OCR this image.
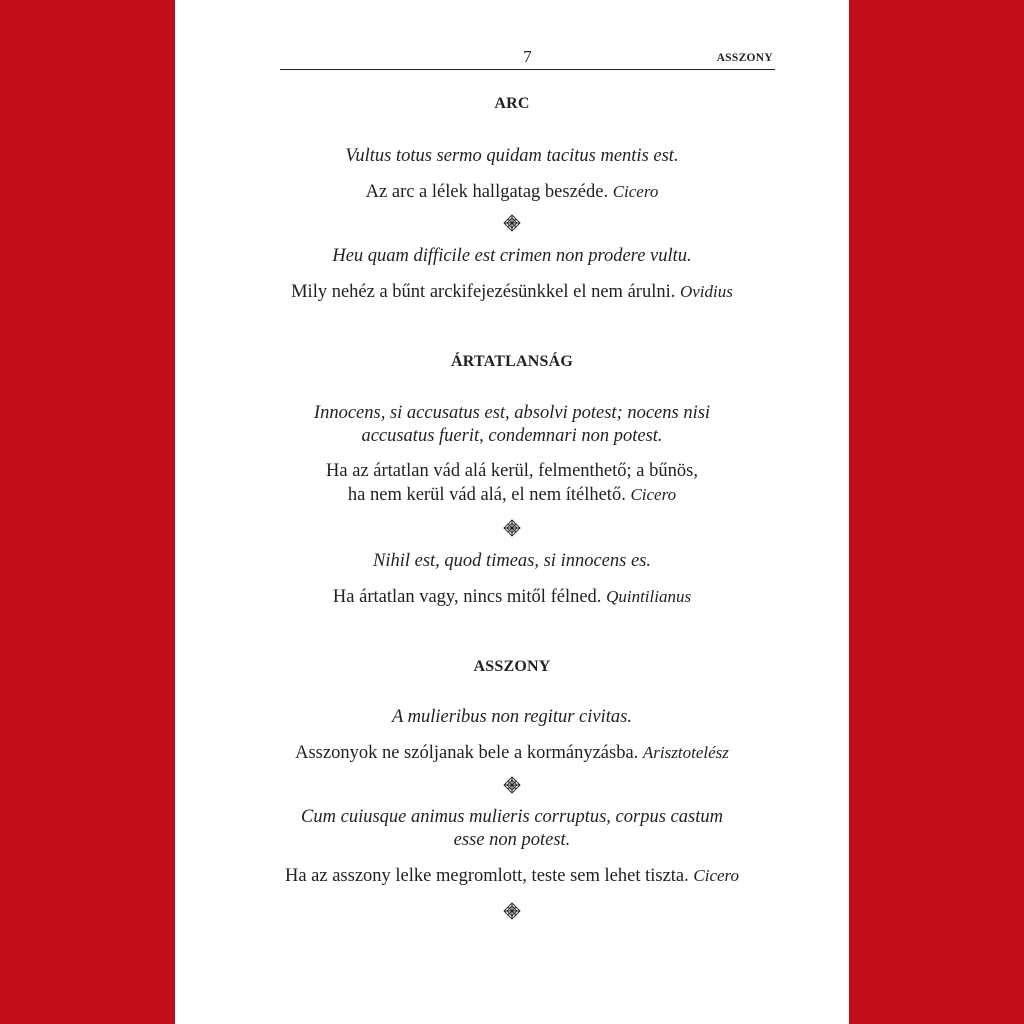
7	ASSZONY
ARC
Vultus totus sermo quidam tacitus mentis est.
Az arc a lélek hallgatag beszéde. Cicero
Heu quam difficile est crimen non prodere vultu.
Mily nehéz a bűnt arckifejezésünkkel el nem árulni. Ovidius
ÁRTATLANSÁG
Innocens, si accusatus est, absolvi potest; nocens nisi
accusatus fuerit, condemnari non potest.
Ha az ártatlan vád alá kerül, felmenthető; a bűnös,
ha nem kerül vád alá, el nem ítélhető. Cicero
Nihil est, quod timeas, si innocens es.
Ha ártatlan vagy, nincs mitől félned. Quintilianus
ASSZONY
A mulieribus non regitur civitas.
Asszonyok ne szóljanak bele a kormányzásba. Arisztotelész
Cum cuiusque animus mulieris corruptus, corpus castum
esse non potest.
Ha az asszony lelke megromlott, teste sem lehet tiszta. Cicero
